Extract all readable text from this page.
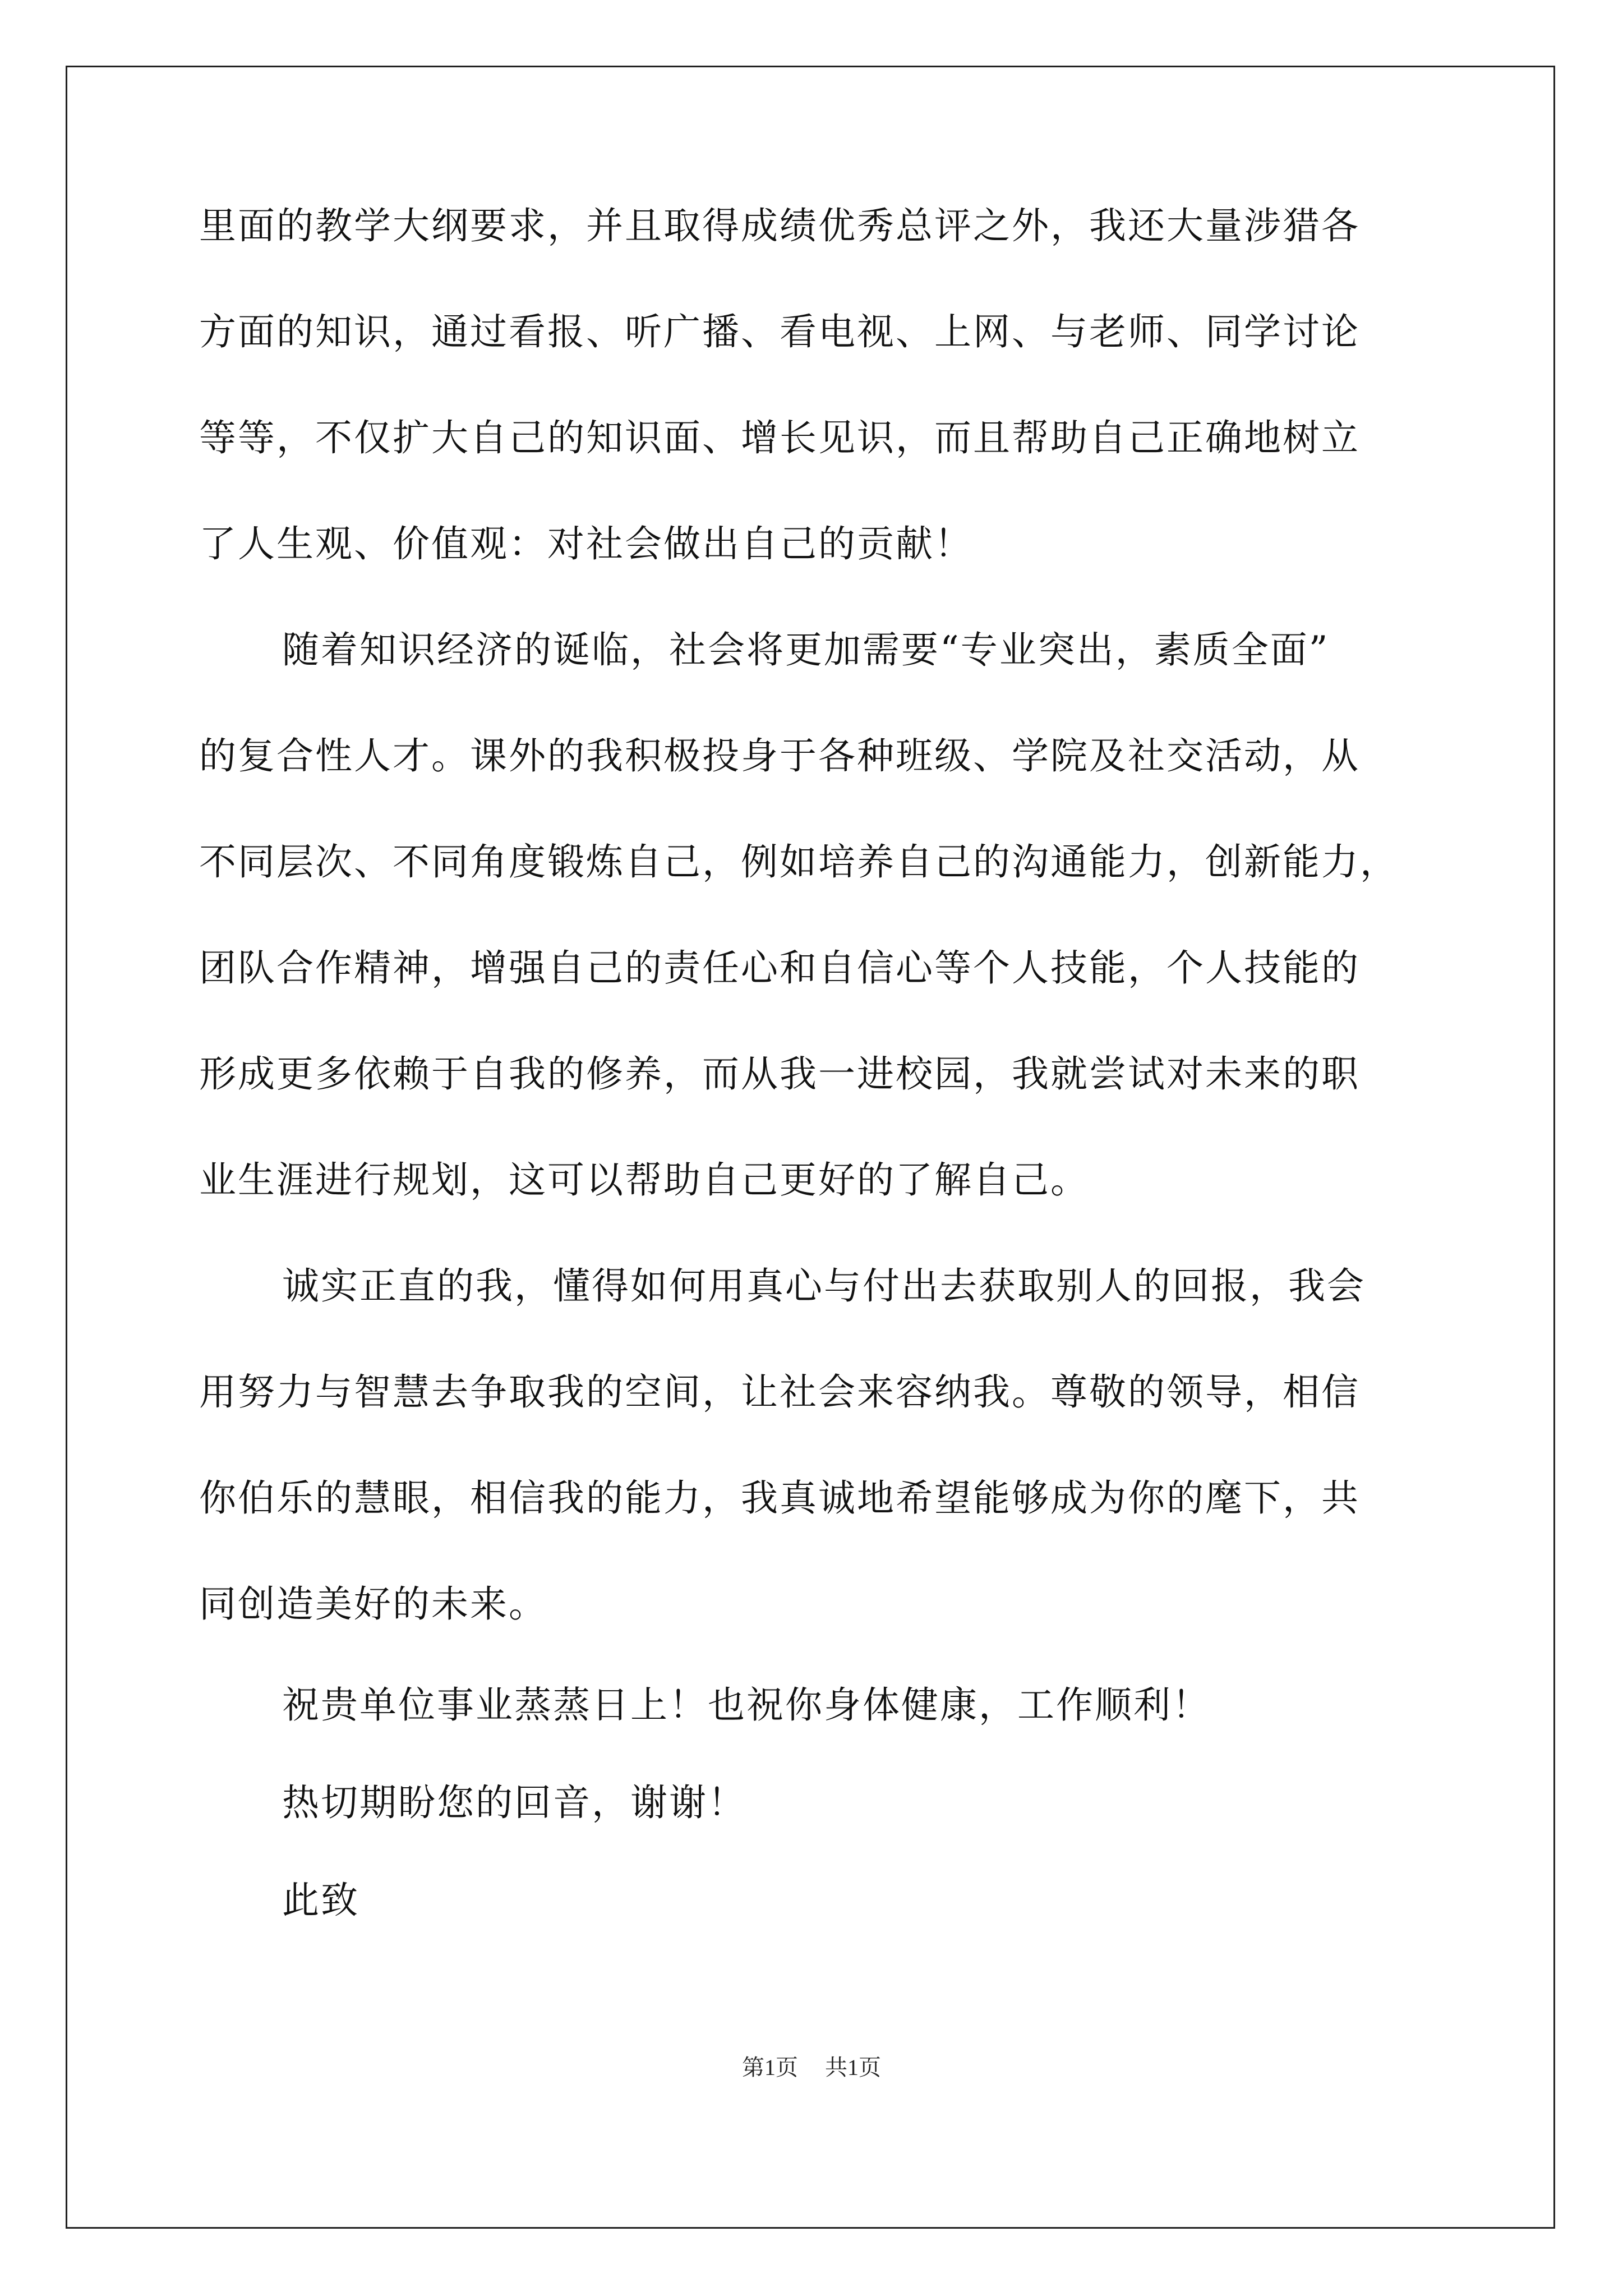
里面的教学大纲要求，并且取得成绩优秀总评之外，我还大量涉猎各
方面的知识，通过看报、听广播、看电视、上网、与老师、同学讨论
等等，不仅扩大自己的知识面、增长见识，而且帮助自己正确地树立
了人生观、价值观：对社会做出自己的贡献！
随着知识经济的诞临，社会将更加需要“专业突出，素质全面”
的复合性人才。课外的我积极投身于各种班级、学院及社交活动，从
不同层次、不同角度锻炼自己，例如培养自己的沟通能力，创新能力，
团队合作精神，增强自己的责任心和自信心等个人技能，个人技能的
形成更多依赖于自我的修养，而从我一进校园，我就尝试对未来的职
业生涯进行规划，这可以帮助自己更好的了解自己。
诚实正直的我，懂得如何用真心与付出去获取别人的回报，我会
用努力与智慧去争取我的空间，让社会来容纳我。尊敬的领导，相信
你伯乐的慧眼，相信我的能力，我真诚地希望能够成为你的麾下，共
同创造美好的未来。
祝贵单位事业蒸蒸日上！也祝你身体健康，工作顺利！
热切期盼您的回音，谢谢！
此致
第1页 共1页
